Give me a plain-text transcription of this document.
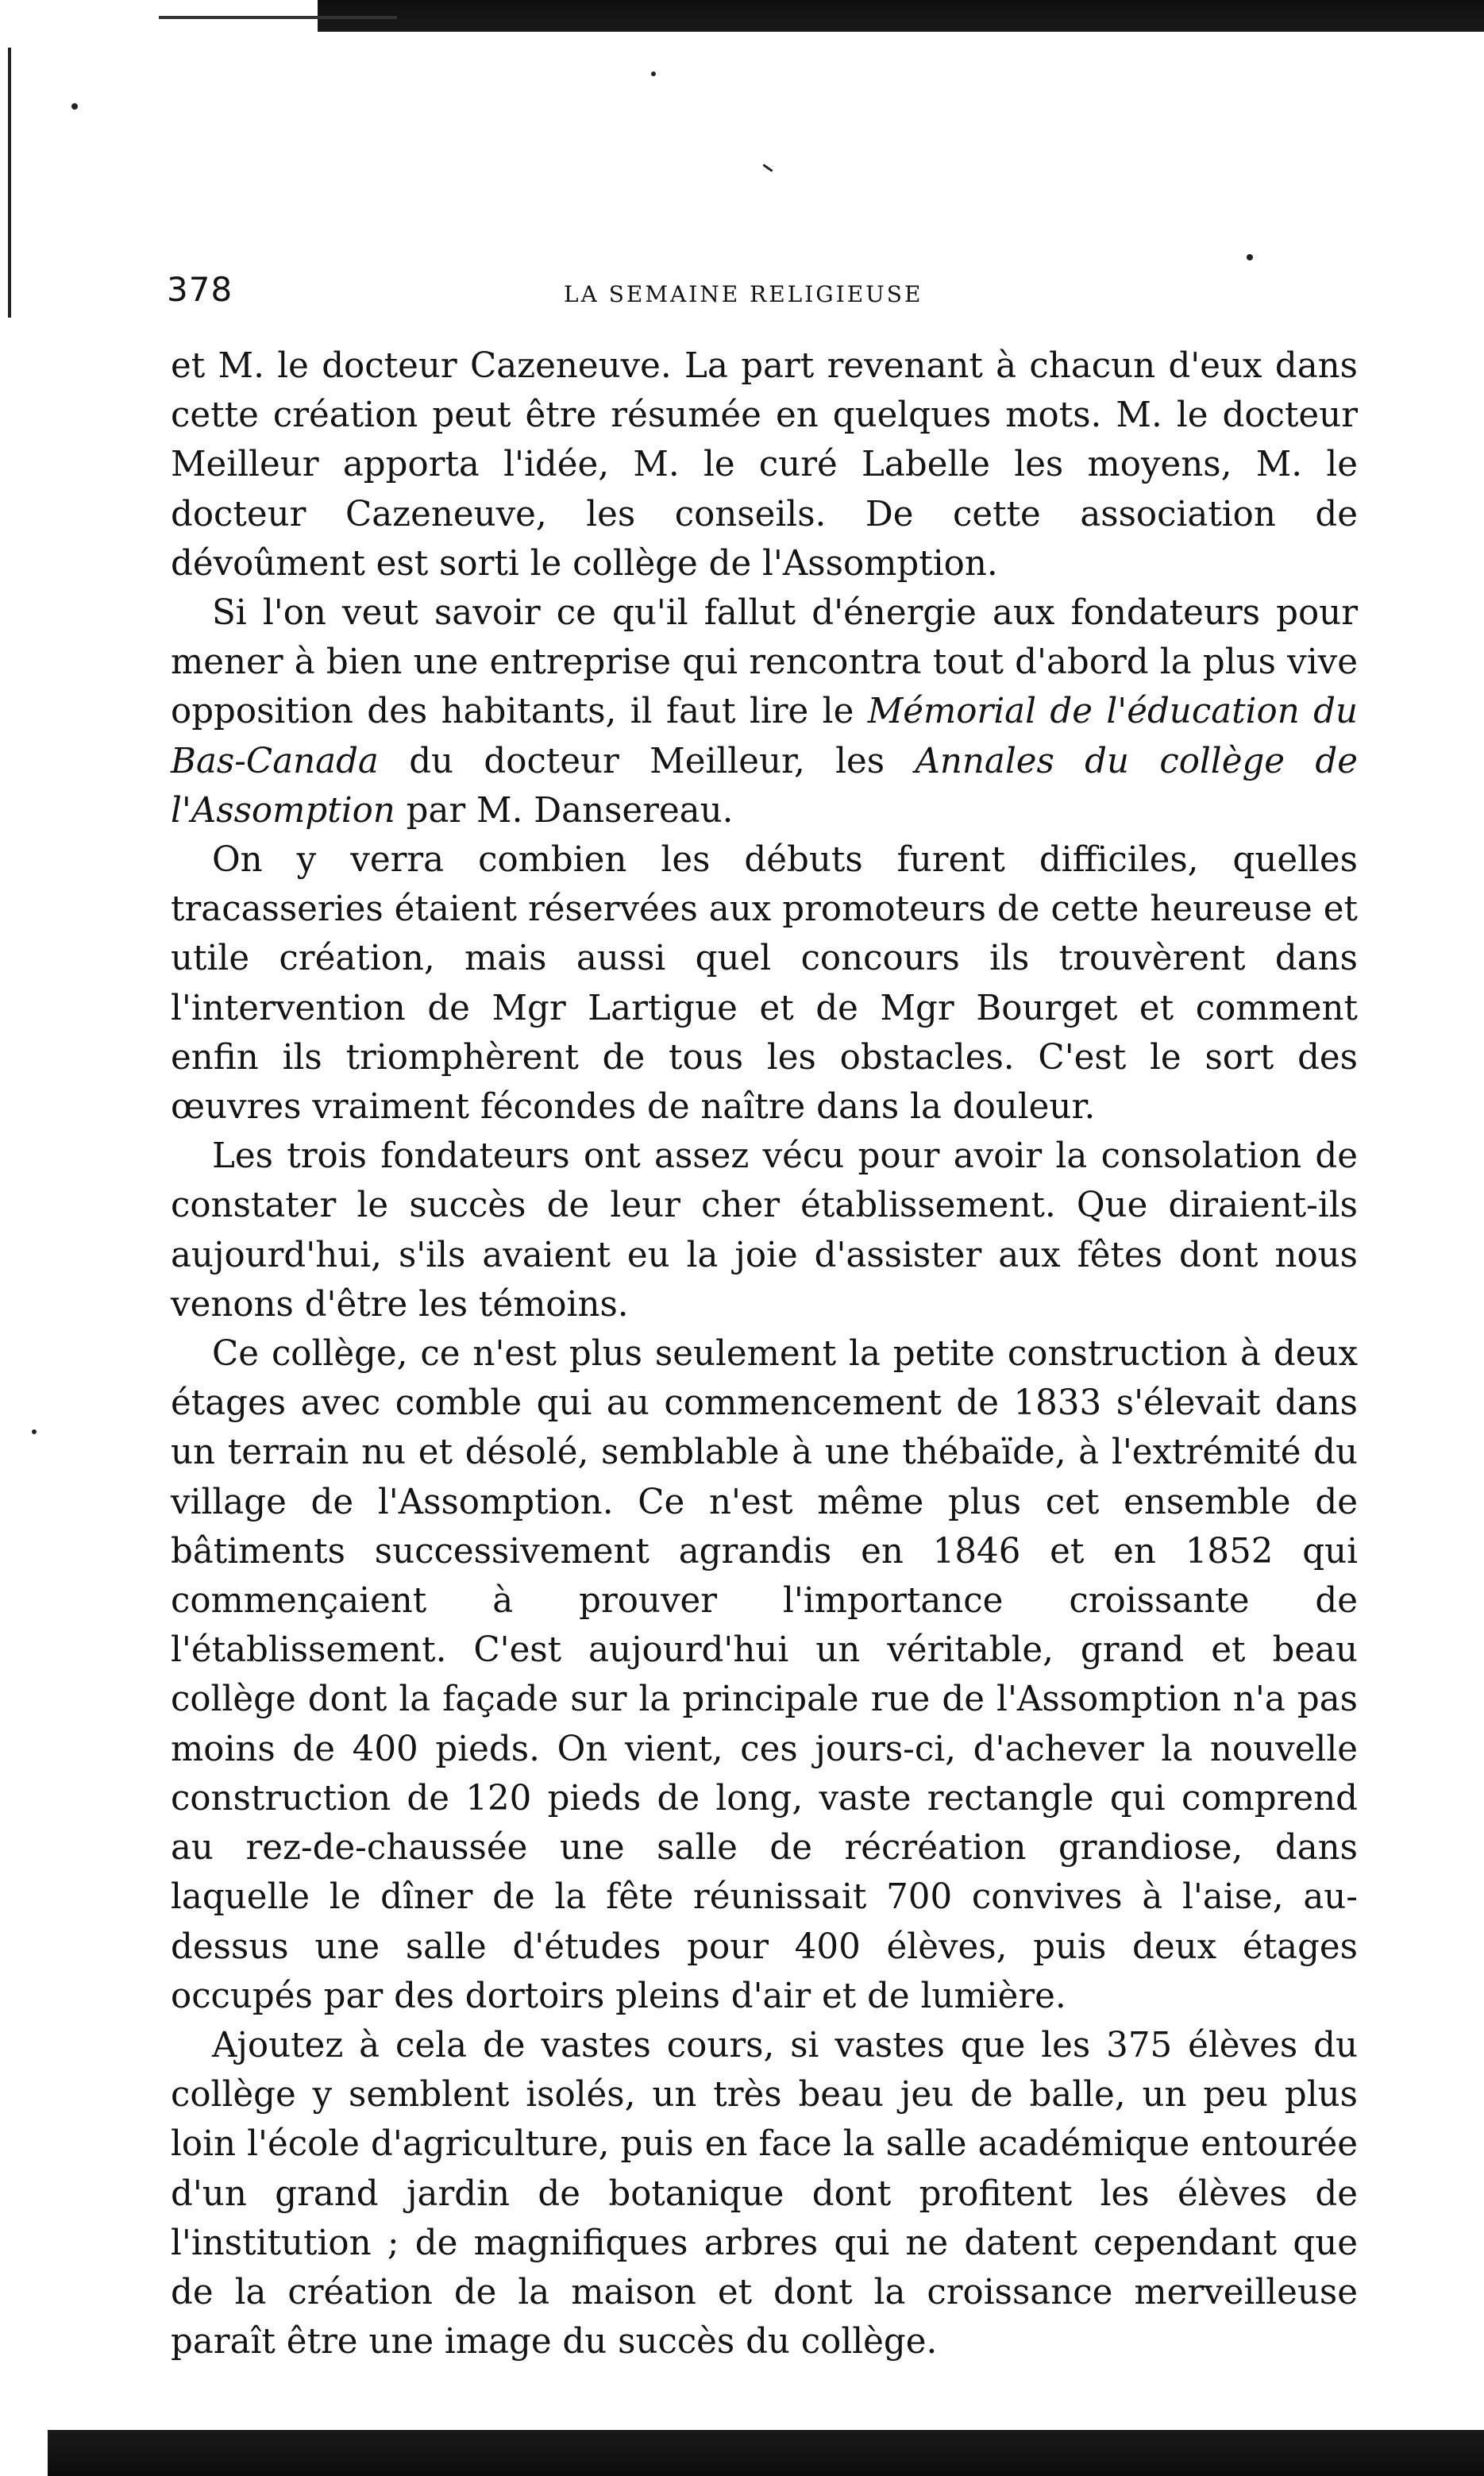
378	LA SEMAINE RELIGIEUSE

et M. le docteur Cazeneuve. La part revenant à chacun d'eux dans cette création peut être résumée en quelques mots. M. le docteur Meilleur apporta l'idée, M. le curé Labelle les moyens, M. le docteur Cazeneuve, les conseils. De cette association de dévoûment est sorti le collège de l'Assomption.

Si l'on veut savoir ce qu'il fallut d'énergie aux fondateurs pour mener à bien une entreprise qui rencontra tout d'abord la plus vive opposition des habitants, il faut lire le Mémorial de l'éducation du Bas-Canada du docteur Meilleur, les Annales du collège de l'Assomption par M. Dansereau.

On y verra combien les débuts furent difficiles, quelles tracasseries étaient réservées aux promoteurs de cette heureuse et utile création, mais aussi quel concours ils trouvèrent dans l'intervention de Mgr Lartigue et de Mgr Bourget et comment enfin ils triomphèrent de tous les obstacles. C'est le sort des œuvres vraiment fécondes de naître dans la douleur.

Les trois fondateurs ont assez vécu pour avoir la consolation de constater le succès de leur cher établissement. Que diraient-ils aujourd'hui, s'ils avaient eu la joie d'assister aux fêtes dont nous venons d'être les témoins.

Ce collège, ce n'est plus seulement la petite construction à deux étages avec comble qui au commencement de 1833 s'élevait dans un terrain nu et désolé, semblable à une thébaïde, à l'extrémité du village de l'Assomption. Ce n'est même plus cet ensemble de bâtiments successivement agrandis en 1846 et en 1852 qui commençaient à prouver l'importance croissante de l'établissement. C'est aujourd'hui un véritable, grand et beau collège dont la façade sur la principale rue de l'Assomption n'a pas moins de 400 pieds. On vient, ces jours-ci, d'achever la nouvelle construction de 120 pieds de long, vaste rectangle qui comprend au rez-de-chaussée une salle de récréation grandiose, dans laquelle le dîner de la fête réunissait 700 convives à l'aise, au-dessus une salle d'études pour 400 élèves, puis deux étages occupés par des dortoirs pleins d'air et de lumière.

Ajoutez à cela de vastes cours, si vastes que les 375 élèves du collège y semblent isolés, un très beau jeu de balle, un peu plus loin l'école d'agriculture, puis en face la salle académique entourée d'un grand jardin de botanique dont profitent les élèves de l'institution ; de magnifiques arbres qui ne datent cependant que de la création de la maison et dont la croissance merveilleuse paraît être une image du succès du collège.
